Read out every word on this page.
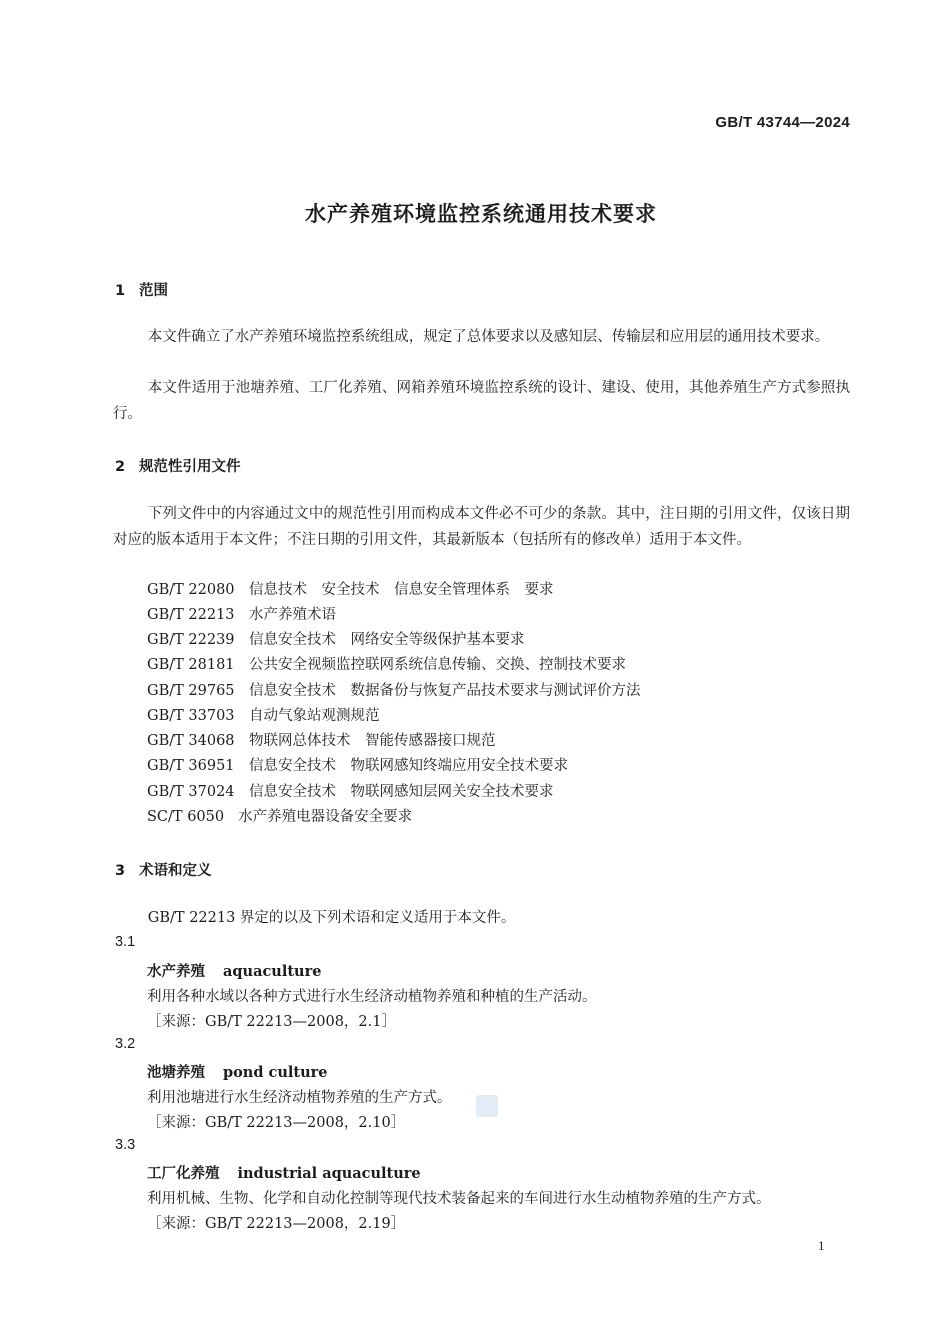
GB/T 43744—2024
水产养殖环境监控系统通用技术要求
1 范围
本文件确立了水产养殖环境监控系统组成，规定了总体要求以及感知层、传输层和应用层的通用技术要求。
本文件适用于池塘养殖、工厂化养殖、网箱养殖环境监控系统的设计、建设、使用，其他养殖生产方式参照执行。
2 规范性引用文件
下列文件中的内容通过文中的规范性引用而构成本文件必不可少的条款。其中，注日期的引用文件，仅该日期对应的版本适用于本文件；不注日期的引用文件，其最新版本（包括所有的修改单）适用于本文件。
GB/T 22080 信息技术　安全技术　信息安全管理体系　要求
GB/T 22213 水产养殖术语
GB/T 22239 信息安全技术　网络安全等级保护基本要求
GB/T 28181 公共安全视频监控联网系统信息传输、交换、控制技术要求
GB/T 29765 信息安全技术　数据备份与恢复产品技术要求与测试评价方法
GB/T 33703 自动气象站观测规范
GB/T 34068 物联网总体技术　智能传感器接口规范
GB/T 36951 信息安全技术　物联网感知终端应用安全技术要求
GB/T 37024 信息安全技术　物联网感知层网关安全技术要求
SC/T 6050 水产养殖电器设备安全要求
3 术语和定义
GB/T 22213 界定的以及下列术语和定义适用于本文件。
3.1
水产养殖 aquaculture
利用各种水域以各种方式进行水生经济动植物养殖和种植的生产活动。
［来源：GB/T 22213—2008，2.1］
3.2
池塘养殖 pond culture
利用池塘进行水生经济动植物养殖的生产方式。
［来源：GB/T 22213—2008，2.10］
3.3
工厂化养殖 industrial aquaculture
利用机械、生物、化学和自动化控制等现代技术装备起来的车间进行水生动植物养殖的生产方式。
［来源：GB/T 22213—2008，2.19］
1
